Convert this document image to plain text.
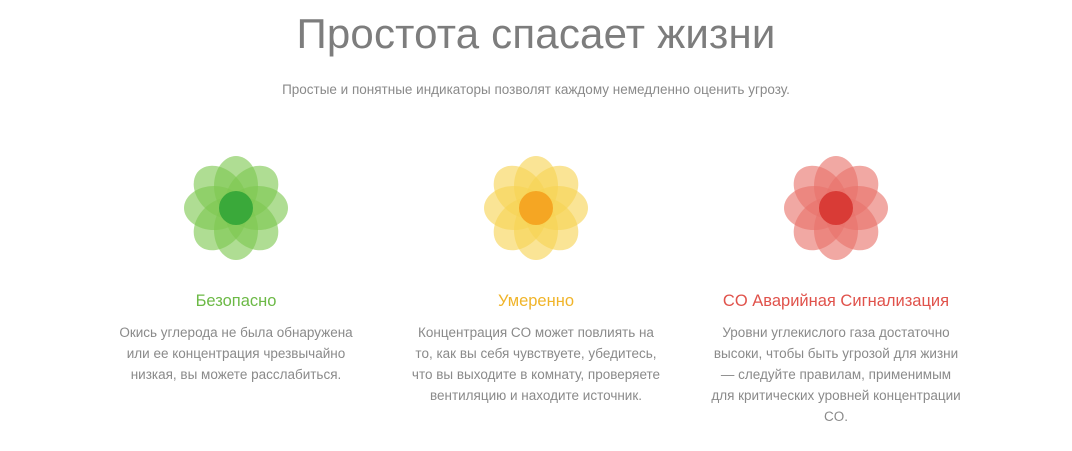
Простота спасает жизни

Простые и понятные индикаторы позволят каждому немедленно оценить угрозу.

Безопасно
Окись углерода не была обнаружена или ее концентрация чрезвычайно низкая, вы можете расслабиться.
Умеренно
Концентрация CO может повлиять на то, как вы себя чувствуете, убедитесь, что вы выходите в комнату, проверяете вентиляцию и находите источник.
CO Аварийная Сигнализация
Уровни углекислого газа достаточно высоки, чтобы быть угрозой для жизни — следуйте правилам, применимым для критических уровней концентрации CO.
